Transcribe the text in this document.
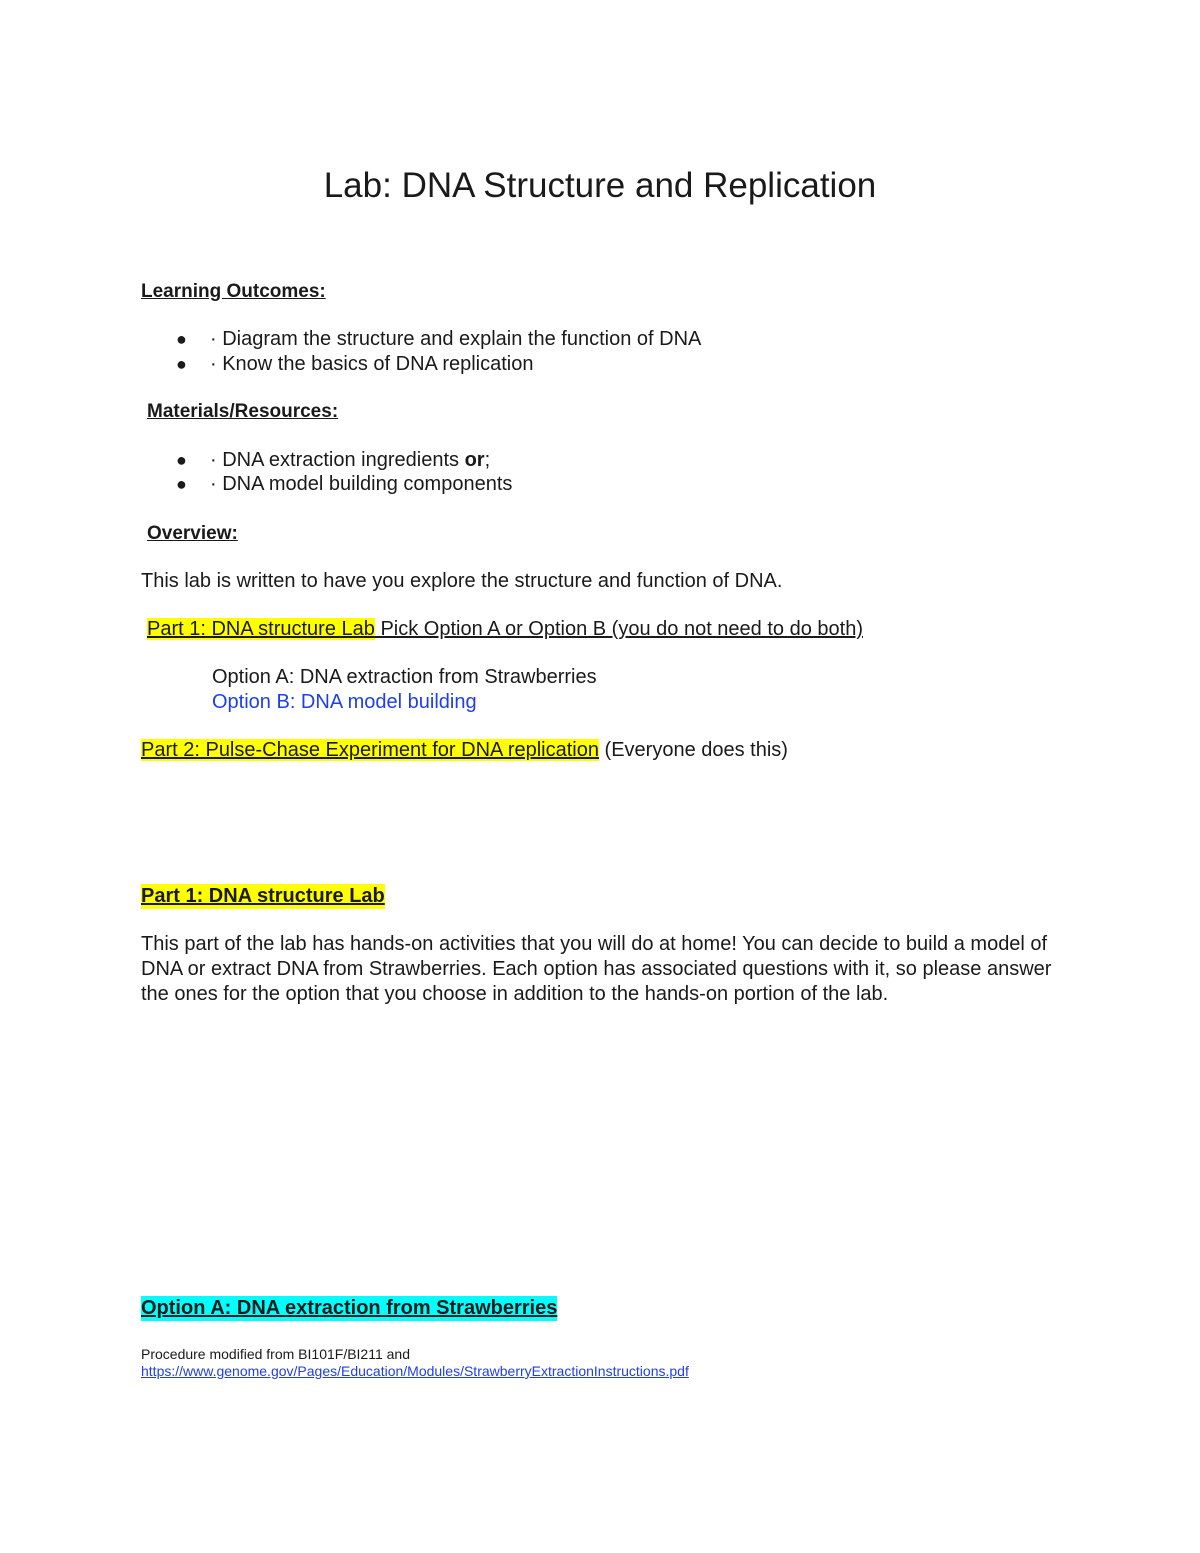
Lab: DNA Structure and Replication
Learning Outcomes:
● · Diagram the structure and explain the function of DNA
● · Know the basics of DNA replication
Materials/Resources:
● · DNA extraction ingredients or;
● · DNA model building components
Overview:
This lab is written to have you explore the structure and function of DNA.
Part 1: DNA structure Lab Pick Option A or Option B (you do not need to do both)
Option A: DNA extraction from Strawberries
Option B: DNA model building
Part 2: Pulse-Chase Experiment for DNA replication (Everyone does this)
Part 1: DNA structure Lab
This part of the lab has hands-on activities that you will do at home! You can decide to build a model of DNA or extract DNA from Strawberries. Each option has associated questions with it, so please answer the ones for the option that you choose in addition to the hands-on portion of the lab.
Option A: DNA extraction from Strawberries
Procedure modified from BI101F/BI211 and
https://www.genome.gov/Pages/Education/Modules/StrawberryExtractionInstructions.pdf
